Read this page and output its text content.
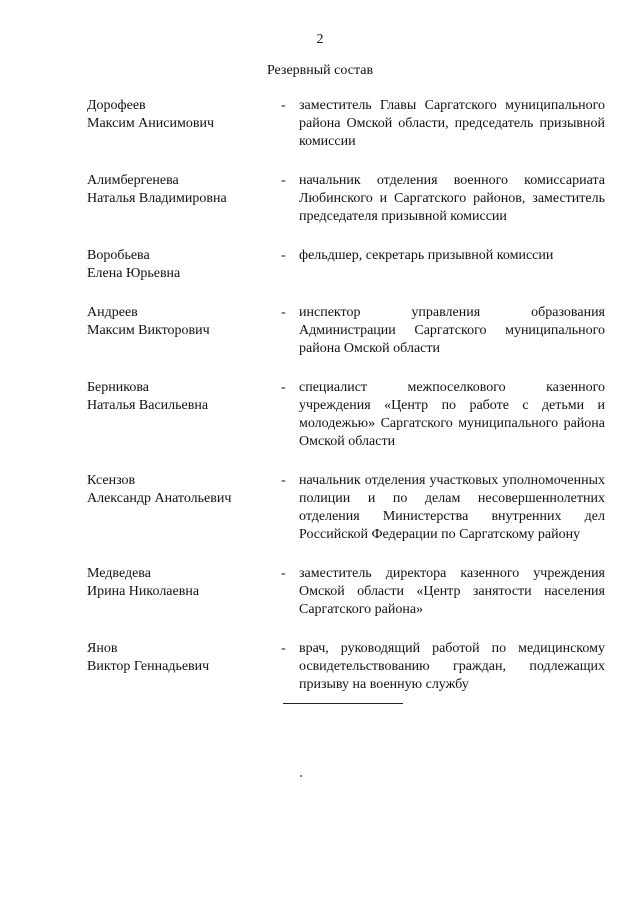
2
Резервный состав
Дорофеев
Максим Анисимович
- заместитель Главы Саргатского муниципального района Омской области, председатель призывной комиссии
Алимбергенева
Наталья Владимировна
- начальник отделения военного комиссариата Любинского и Саргатского районов, заместитель председателя призывной комиссии
Воробьева
Елена Юрьевна
- фельдшер, секретарь призывной комиссии
Андреев
Максим Викторович
- инспектор управления образования Администрации Саргатского муниципального района Омской области
Берникова
Наталья Васильевна
- специалист межпоселкового казенного учреждения «Центр по работе с детьми и молодежью» Саргатского муниципального района Омской области
Ксензов
Александр Анатольевич
- начальник отделения участковых уполномоченных полиции и по делам несовершеннолетних отделения Министерства внутренних дел Российской Федерации по Саргатскому району
Медведева
Ирина Николаевна
- заместитель директора казенного учреждения Омской области «Центр занятости населения Саргатского района»
Янов
Виктор Геннадьевич
- врач, руководящий работой по медицинскому освидетельствованию граждан, подлежащих призыву на военную службу
